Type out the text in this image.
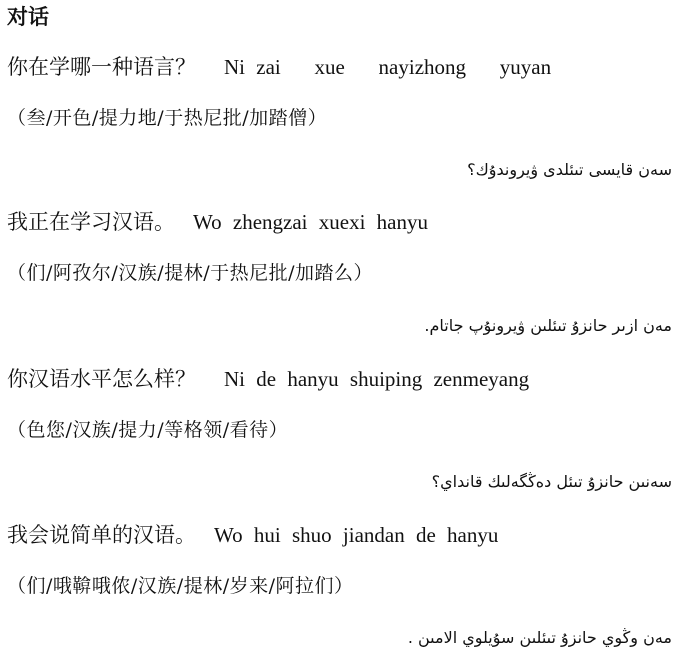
对话
你在学哪一种语言？ Ni zai   xue   nayizhong   yuyan
（叁/开色/提力地/于热尼批/加踏僧）
سەن قايسى تىئلدى ۋيروندۇك؟
我正在学习汉语。 Wo zhengzai xuexi hanyu
（们/阿孜尔/汉族/提林/于热尼批/加踏么）
مەن ازىر حانزۇ تىئلىن ۋيرونۇپ جاتام.
你汉语水平怎么样？ Ni de hanyu shuiping zenmeyang
（色您/汉族/提力/等格领/看待）
سەنىن حانزۇ تىئل دەڭگەلىك قانداي؟
我会说简单的汉语。 Wo hui shuo jiandan de hanyu
（们/哦鞥哦侬/汉族/提林/岁来/阿拉们）
مەن وڭوي حانزۇ تىئلىن سۇيلوي الامىن .
